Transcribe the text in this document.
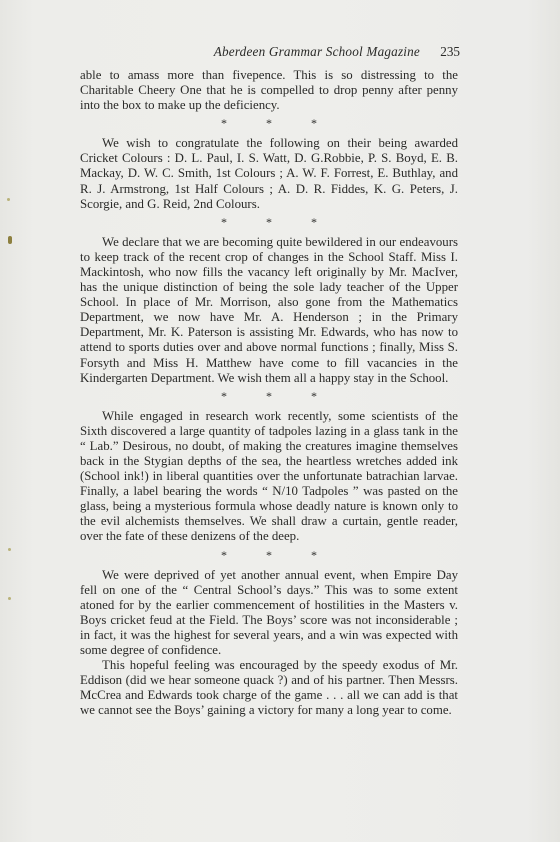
Aberdeen Grammar School Magazine 235

able to amass more than fivepence. This is so distressing to the Charitable Cheery One that he is compelled to drop penny after penny into the box to make up the deficiency.

* * *

We wish to congratulate the following on their being awarded Cricket Colours : D. L. Paul, I. S. Watt, D. G.Robbie, P. S. Boyd, E. B. Mackay, D. W. C. Smith, 1st Colours ; A. W. F. Forrest, E. Buthlay, and R. J. Armstrong, 1st Half Colours ; A. D. R. Fiddes, K. G. Peters, J. Scorgie, and G. Reid, 2nd Colours.

* * *

We declare that we are becoming quite bewildered in our endeavours to keep track of the recent crop of changes in the School Staff. Miss I. Mackintosh, who now fills the vacancy left originally by Mr. MacIver, has the unique distinction of being the sole lady teacher of the Upper School. In place of Mr. Morrison, also gone from the Mathematics Department, we now have Mr. A. Henderson ; in the Primary Department, Mr. K. Paterson is assisting Mr. Edwards, who has now to attend to sports duties over and above normal functions ; finally, Miss S. Forsyth and Miss H. Matthew have come to fill vacancies in the Kindergarten Department. We wish them all a happy stay in the School.

* * *

While engaged in research work recently, some scientists of the Sixth discovered a large quantity of tadpoles lazing in a glass tank in the “ Lab.” Desirous, no doubt, of making the creatures imagine themselves back in the Stygian depths of the sea, the heartless wretches added ink (School ink!) in liberal quantities over the unfortunate batrachian larvae. Finally, a label bearing the words “ N/10 Tadpoles ” was pasted on the glass, being a mysterious formula whose deadly nature is known only to the evil alchemists themselves. We shall draw a curtain, gentle reader, over the fate of these denizens of the deep.

* * *

We were deprived of yet another annual event, when Empire Day fell on one of the “ Central School’s days.” This was to some extent atoned for by the earlier commencement of hostilities in the Masters v. Boys cricket feud at the Field. The Boys’ score was not inconsiderable ; in fact, it was the highest for several years, and a win was expected with some degree of confidence.

This hopeful feeling was encouraged by the speedy exodus of Mr. Eddison (did we hear someone quack ?) and of his partner. Then Messrs. McCrea and Edwards took charge of the game . . . all we can add is that we cannot see the Boys’ gaining a victory for many a long year to come.
